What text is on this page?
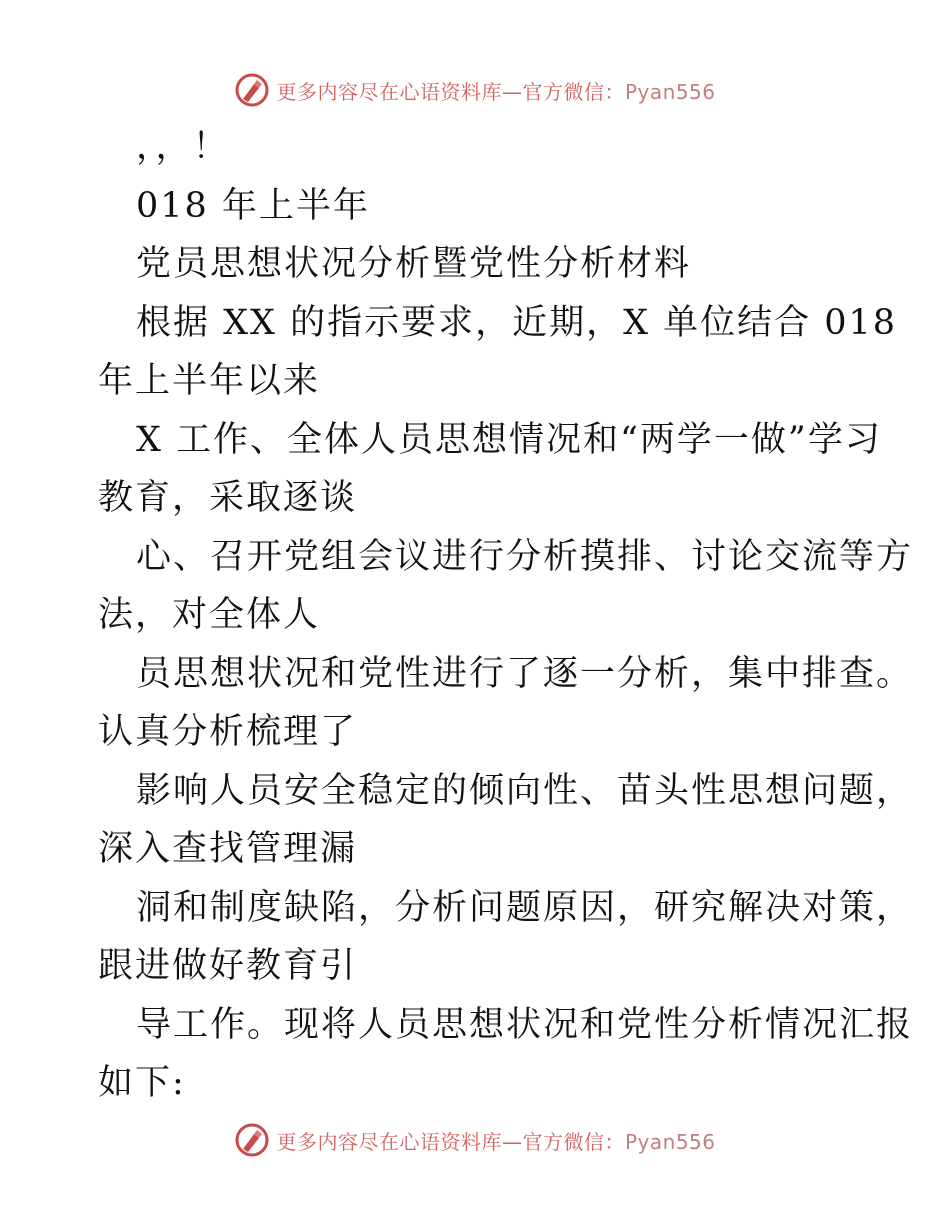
更多内容尽在心语资料库—官方微信：Pyan556
，，！
018 年上半年
党员思想状况分析暨党性分析材料
根据 XX 的指示要求，近期，X 单位结合 018
年上半年以来
X 工作、全体人员思想情况和“两学一做”学习
教育，采取逐谈
心、召开党组会议进行分析摸排、讨论交流等方
法，对全体人
员思想状况和党性进行了逐一分析，集中排查。
认真分析梳理了
影响人员安全稳定的倾向性、苗头性思想问题，
深入查找管理漏
洞和制度缺陷，分析问题原因，研究解决对策，
跟进做好教育引
导工作。现将人员思想状况和党性分析情况汇报
如下:
更多内容尽在心语资料库—官方微信：Pyan556
